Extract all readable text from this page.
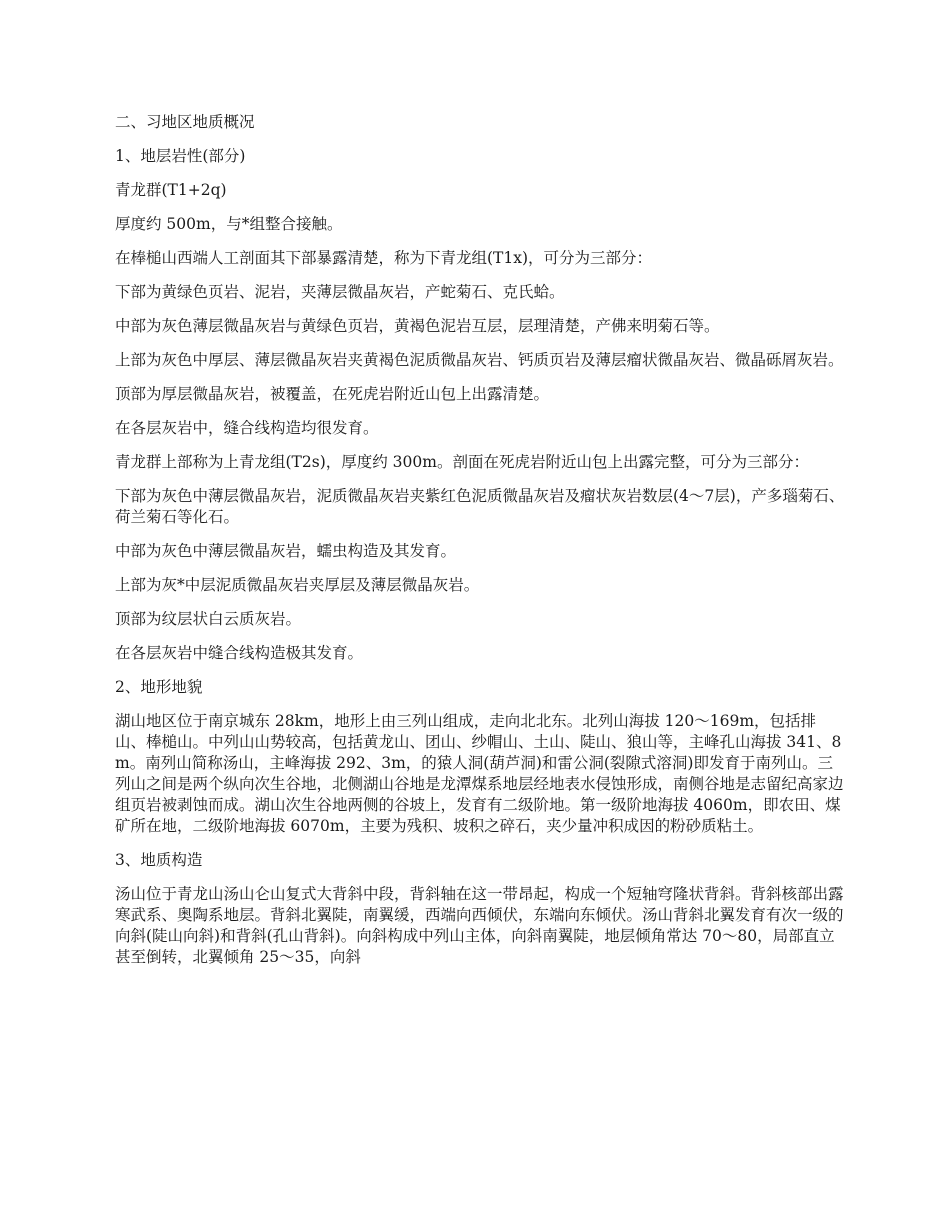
二、习地区地质概况

1、地层岩性(部分)

青龙群(T1+2q)

厚度约 500m，与*组整合接触。

在棒槌山西端人工剖面其下部暴露清楚，称为下青龙组(T1x)，可分为三部分：

下部为黄绿色页岩、泥岩，夹薄层微晶灰岩，产蛇菊石、克氏蛤。

中部为灰色薄层微晶灰岩与黄绿色页岩，黄褐色泥岩互层，层理清楚，产佛来明菊石等。

上部为灰色中厚层、薄层微晶灰岩夹黄褐色泥质微晶灰岩、钙质页岩及薄层瘤状微晶灰岩、微晶砾屑灰岩。

顶部为厚层微晶灰岩，被覆盖，在死虎岩附近山包上出露清楚。

在各层灰岩中，缝合线构造均很发育。

青龙群上部称为上青龙组(T2s)，厚度约 300m。剖面在死虎岩附近山包上出露完整，可分为三部分：

下部为灰色中薄层微晶灰岩，泥质微晶灰岩夹紫红色泥质微晶灰岩及瘤状灰岩数层(4～7层)，产多瑙菊石、荷兰菊石等化石。

中部为灰色中薄层微晶灰岩，蠕虫构造及其发育。

上部为灰*中层泥质微晶灰岩夹厚层及薄层微晶灰岩。

顶部为纹层状白云质灰岩。

在各层灰岩中缝合线构造极其发育。

2、地形地貌

湖山地区位于南京城东 28km，地形上由三列山组成，走向北北东。北列山海拔 120～169m，包括排山、棒槌山。中列山山势较高，包括黄龙山、团山、纱帽山、土山、陡山、狼山等，主峰孔山海拔 341、8m。南列山简称汤山，主峰海拔 292、3m，的猿人洞(葫芦洞)和雷公洞(裂隙式溶洞)即发育于南列山。三列山之间是两个纵向次生谷地，北侧湖山谷地是龙潭煤系地层经地表水侵蚀形成，南侧谷地是志留纪高家边组页岩被剥蚀而成。湖山次生谷地两侧的谷坡上，发育有二级阶地。第一级阶地海拔 4060m，即农田、煤矿所在地，二级阶地海拔 6070m，主要为残积、坡积之碎石，夹少量冲积成因的粉砂质粘土。

3、地质构造

汤山位于青龙山汤山仑山复式大背斜中段，背斜轴在这一带昂起，构成一个短轴穹隆状背斜。背斜核部出露寒武系、奥陶系地层。背斜北翼陡，南翼缓，西端向西倾伏，东端向东倾伏。汤山背斜北翼发育有次一级的向斜(陡山向斜)和背斜(孔山背斜)。向斜构成中列山主体，向斜南翼陡，地层倾角常达 70～80，局部直立甚至倒转，北翼倾角 25～35，向斜
